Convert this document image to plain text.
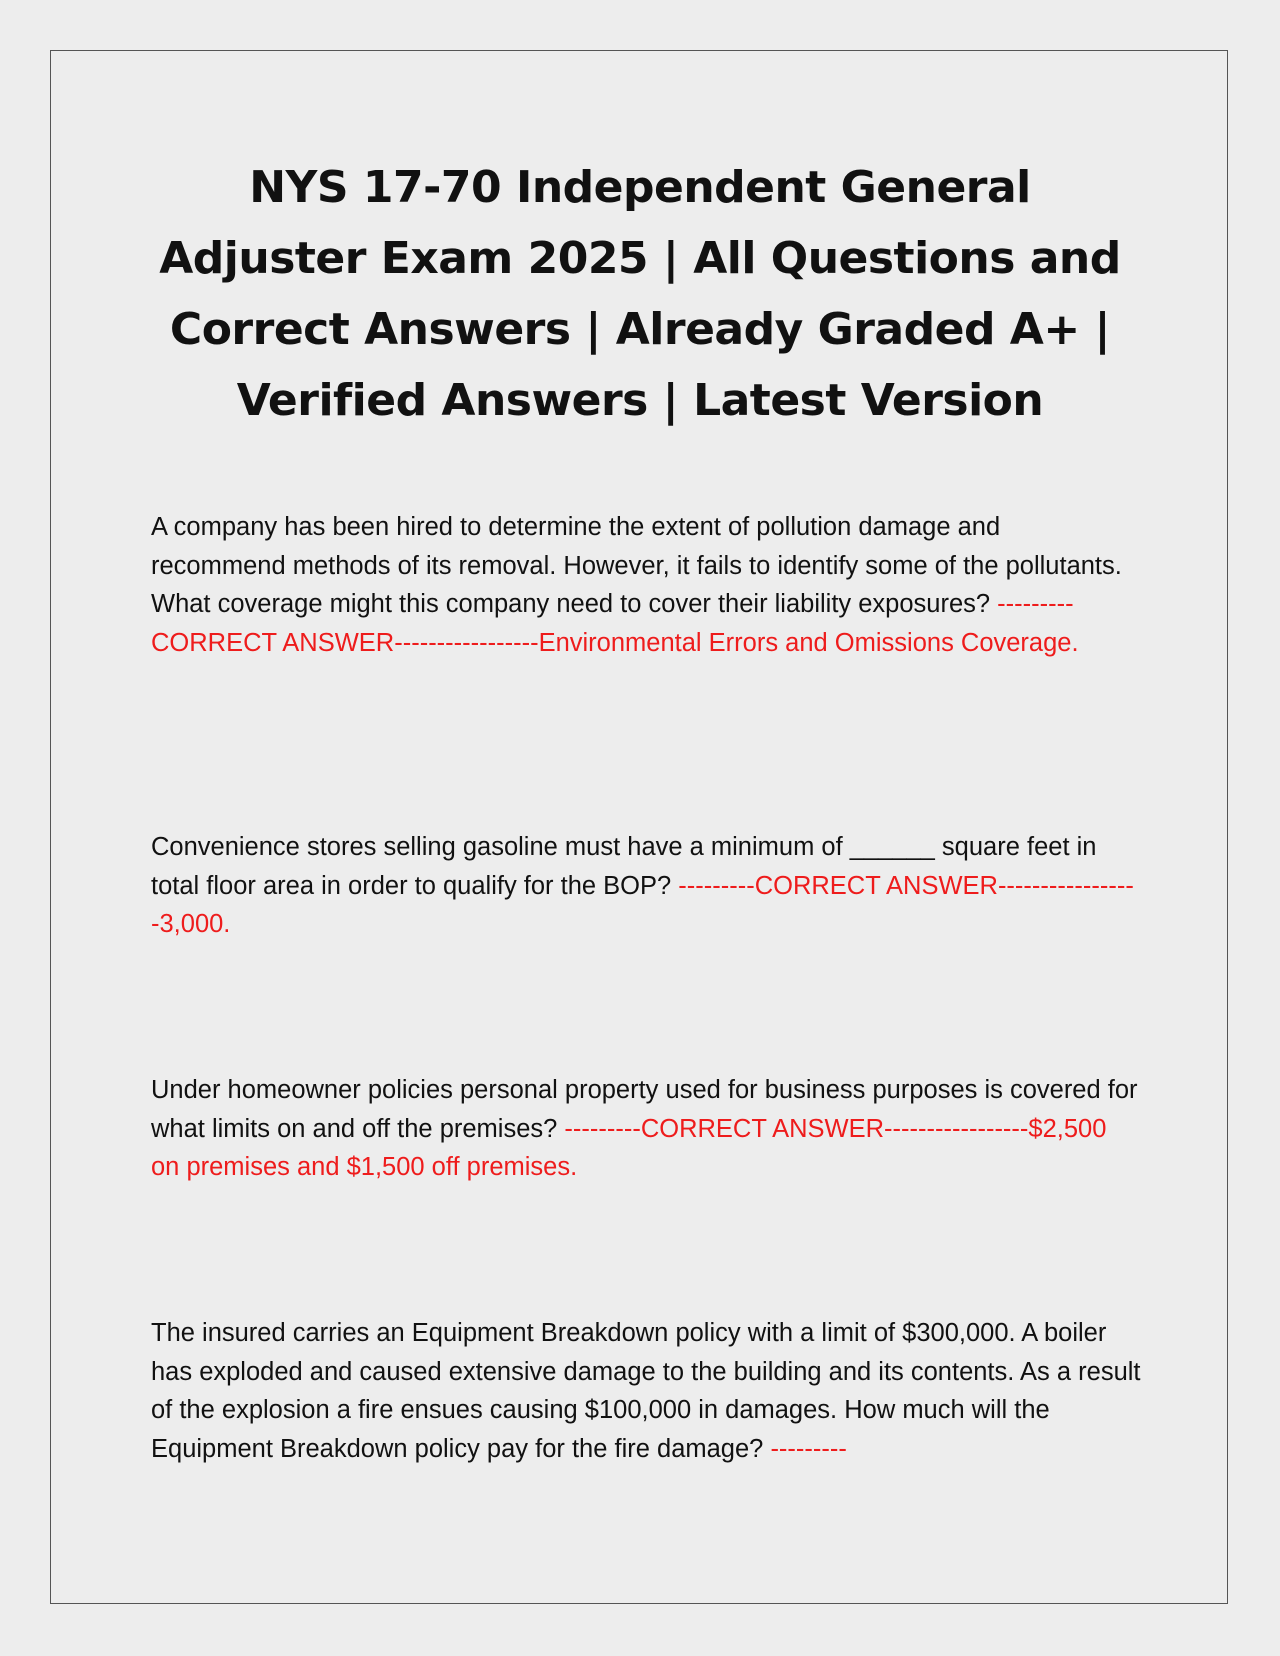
NYS 17-70 Independent General Adjuster Exam 2025 | All Questions and Correct Answers | Already Graded A+ | Verified Answers | Latest Version

A company has been hired to determine the extent of pollution damage and recommend methods of its removal. However, it fails to identify some of the pollutants. What coverage might this company need to cover their liability exposures? ---------CORRECT ANSWER-----------------Environmental Errors and Omissions Coverage.

Convenience stores selling gasoline must have a minimum of ______ square feet in total floor area in order to qualify for the BOP? ---------CORRECT ANSWER-----------------3,000.

Under homeowner policies personal property used for business purposes is covered for what limits on and off the premises? ---------CORRECT ANSWER-----------------$2,500 on premises and $1,500 off premises.

The insured carries an Equipment Breakdown policy with a limit of $300,000. A boiler has exploded and caused extensive damage to the building and its contents. As a result of the explosion a fire ensues causing $100,000 in damages. How much will the Equipment Breakdown policy pay for the fire damage? ---------
